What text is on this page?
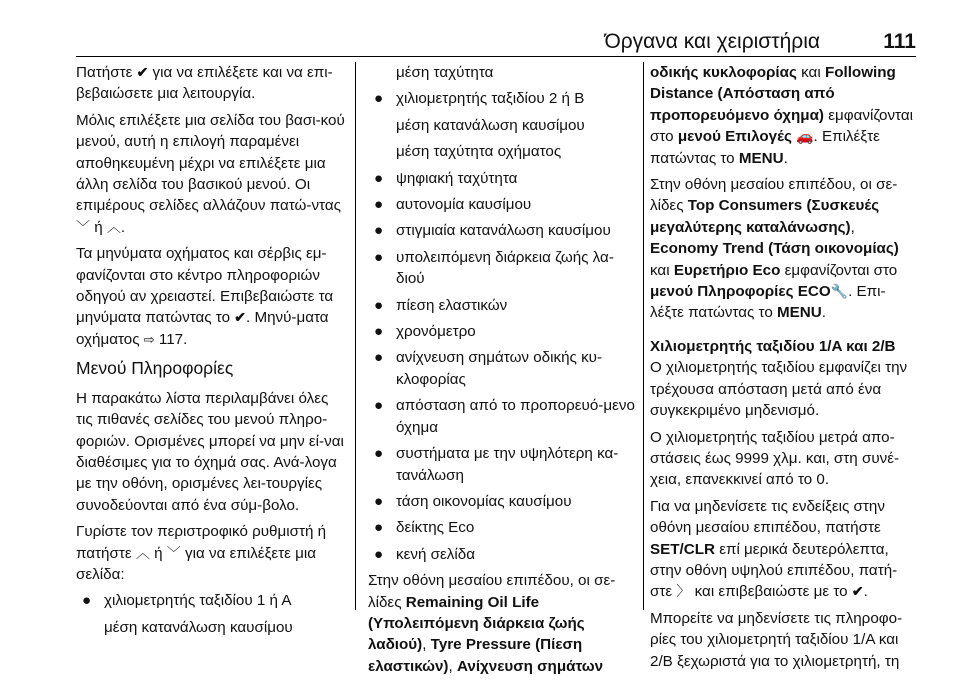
Όργανα και χειριστήρια	111

Πατήστε ✔ για να επιλέξετε και να επι-βεβαιώσετε μια λειτουργία.

Μόλις επιλέξετε μια σελίδα του βασι-κού μενού, αυτή η επιλογή παραμένει αποθηκευμένη μέχρι να επιλέξετε μια άλλη σελίδα του βασικού μενού. Οι επιμέρους σελίδες αλλάζουν πατώ-ντας ﹀ ή ︿.

Τα μηνύματα οχήματος και σέρβις εμ-φανίζονται στο κέντρο πληροφοριών οδηγού αν χρειαστεί. Επιβεβαιώστε τα μηνύματα πατώντας το ✔. Μηνύ-ματα οχήματος ⇨ 117.

Μενού Πληροφορίες

Η παρακάτω λίστα περιλαμβάνει όλες τις πιθανές σελίδες του μενού πληρο-φοριών. Ορισμένες μπορεί να μην εί-ναι διαθέσιμες για το όχημά σας. Ανά-λογα με την οθόνη, ορισμένες λει-τουργίες συνοδεύονται από ένα σύμ-βολο.

Γυρίστε τον περιστροφικό ρυθμιστή ή πατήστε ︿ ή ﹀ για να επιλέξετε μια σελίδα:

● χιλιομετρητής ταξιδίου 1 ή Α
μέση κατανάλωση καυσίμου
μέση ταχύτητα
● χιλιομετρητής ταξιδίου 2 ή Β
μέση κατανάλωση καυσίμου
μέση ταχύτητα οχήματος
● ψηφιακή ταχύτητα
● αυτονομία καυσίμου
● στιγμιαία κατανάλωση καυσίμου
● υπολειπόμενη διάρκεια ζωής λα-διού
● πίεση ελαστικών
● χρονόμετρο
● ανίχνευση σημάτων οδικής κυ-κλοφορίας
● απόσταση από το προπορευό-μενο όχημα
● συστήματα με την υψηλότερη κα-τανάλωση
● τάση οικονομίας καυσίμου
● δείκτης Eco
● κενή σελίδα

Στην οθόνη μεσαίου επιπέδου, οι σε-λίδες Remaining Oil Life (Υπολειπόμενη διάρκεια ζωής λαδιού), Tyre Pressure (Πίεση ελαστικών), Ανίχνευση σημάτων

οδικής κυκλοφορίας και Following Distance (Απόσταση από προπορευόμενο όχημα) εμφανίζονται στο μενού Επιλογές 🚗. Επιλέξτε πατώντας το MENU.

Στην οθόνη μεσαίου επιπέδου, οι σε-λίδες Top Consumers (Συσκευές μεγαλύτερης καταλάνωσης), Economy Trend (Τάση οικονομίας) και Ευρετήριο Eco εμφανίζονται στο μενού Πληροφορίες ECO🔧. Επι-λέξτε πατώντας το MENU.

Χιλιομετρητής ταξιδίου 1/A και 2/B

Ο χιλιομετρητής ταξιδίου εμφανίζει την τρέχουσα απόσταση μετά από ένα συγκεκριμένο μηδενισμό.

Ο χιλιομετρητής ταξιδίου μετρά απο-στάσεις έως 9999 χλμ. και, στη συνέ-χεια, επανεκκινεί από το 0.

Για να μηδενίσετε τις ενδείξεις στην οθόνη μεσαίου επιπέδου, πατήστε SET/CLR επί μερικά δευτερόλεπτα, στην οθόνη υψηλού επιπέδου, πατή-στε 〉 και επιβεβαιώστε με το ✔.

Μπορείτε να μηδενίσετε τις πληροφο-ρίες του χιλιομετρητή ταξιδίου 1/A και 2/B ξεχωριστά για το χιλιομετρητή, τη
